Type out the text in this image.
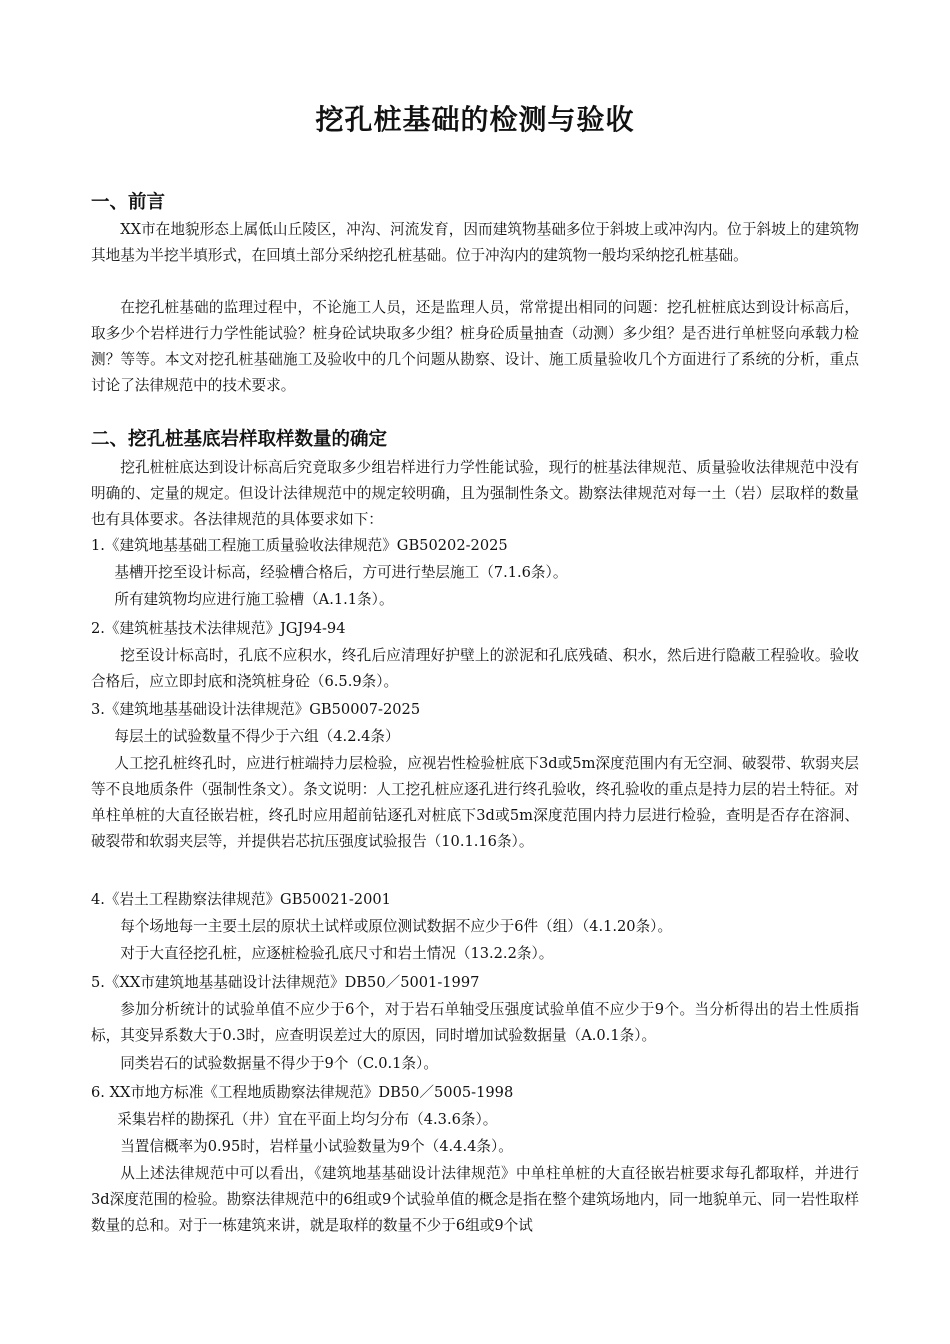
挖孔桩基础的检测与验收
一、前言

XX市在地貌形态上属低山丘陵区，冲沟、河流发育，因而建筑物基础多位于斜坡上或冲沟内。位于斜坡上的建筑物其地基为半挖半填形式，在回填土部分采纳挖孔桩基础。位于冲沟内的建筑物一般均采纳挖孔桩基础。

在挖孔桩基础的监理过程中，不论施工人员，还是监理人员，常常提出相同的问题：挖孔桩桩底达到设计标高后，取多少个岩样进行力学性能试验？桩身砼试块取多少组？桩身砼质量抽查（动测）多少组？是否进行单桩竖向承载力检测？等等。本文对挖孔桩基础施工及验收中的几个问题从勘察、设计、施工质量验收几个方面进行了系统的分析，重点讨论了法律规范中的技术要求。

二、挖孔桩基底岩样取样数量的确定

挖孔桩桩底达到设计标高后究竟取多少组岩样进行力学性能试验，现行的桩基法律规范、质量验收法律规范中没有明确的、定量的规定。但设计法律规范中的规定较明确，且为强制性条文。勘察法律规范对每一土（岩）层取样的数量也有具体要求。各法律规范的具体要求如下：

1.《建筑地基基础工程施工质量验收法律规范》GB50202-2025

基槽开挖至设计标高，经验槽合格后，方可进行垫层施工（7.1.6条）。

所有建筑物均应进行施工验槽（A.1.1条）。

2.《建筑桩基技术法律规范》JGJ94-94

挖至设计标高时，孔底不应积水，终孔后应清理好护壁上的淤泥和孔底残碴、积水，然后进行隐蔽工程验收。验收合格后，应立即封底和浇筑桩身砼（6.5.9条）。

3.《建筑地基基础设计法律规范》GB50007-2025

每层土的试验数量不得少于六组（4.2.4条）

人工挖孔桩终孔时，应进行桩端持力层检验，应视岩性检验桩底下3d或5m深度范围内有无空洞、破裂带、软弱夹层等不良地质条件（强制性条文）。条文说明：人工挖孔桩应逐孔进行终孔验收，终孔验收的重点是持力层的岩土特征。对单柱单桩的大直径嵌岩桩，终孔时应用超前钻逐孔对桩底下3d或5m深度范围内持力层进行检验，查明是否存在溶洞、破裂带和软弱夹层等，并提供岩芯抗压强度试验报告（10.1.16条）。

4.《岩土工程勘察法律规范》GB50021-2001

每个场地每一主要土层的原状土试样或原位测试数据不应少于6件（组）（4.1.20条）。

对于大直径挖孔桩，应逐桩检验孔底尺寸和岩土情况（13.2.2条）。

5.《XX市建筑地基基础设计法律规范》DB50／5001-1997

参加分析统计的试验单值不应少于6个，对于岩石单轴受压强度试验单值不应少于9个。当分析得出的岩土性质指标，其变异系数大于0.3时，应查明误差过大的原因，同时增加试验数据量（A.0.1条）。

同类岩石的试验数据量不得少于9个（C.0.1条）。

6. XX市地方标准《工程地质勘察法律规范》DB50／5005-1998

采集岩样的勘探孔（井）宜在平面上均匀分布（4.3.6条）。

当置信概率为0.95时，岩样量小试验数量为9个（4.4.4条）。

从上述法律规范中可以看出，《建筑地基基础设计法律规范》中单柱单桩的大直径嵌岩桩要求每孔都取样，并进行3d深度范围的检验。勘察法律规范中的6组或9个试验单值的概念是指在整个建筑场地内，同一地貌单元、同一岩性取样数量的总和。对于一栋建筑来讲，就是取样的数量不少于6组或9个试
